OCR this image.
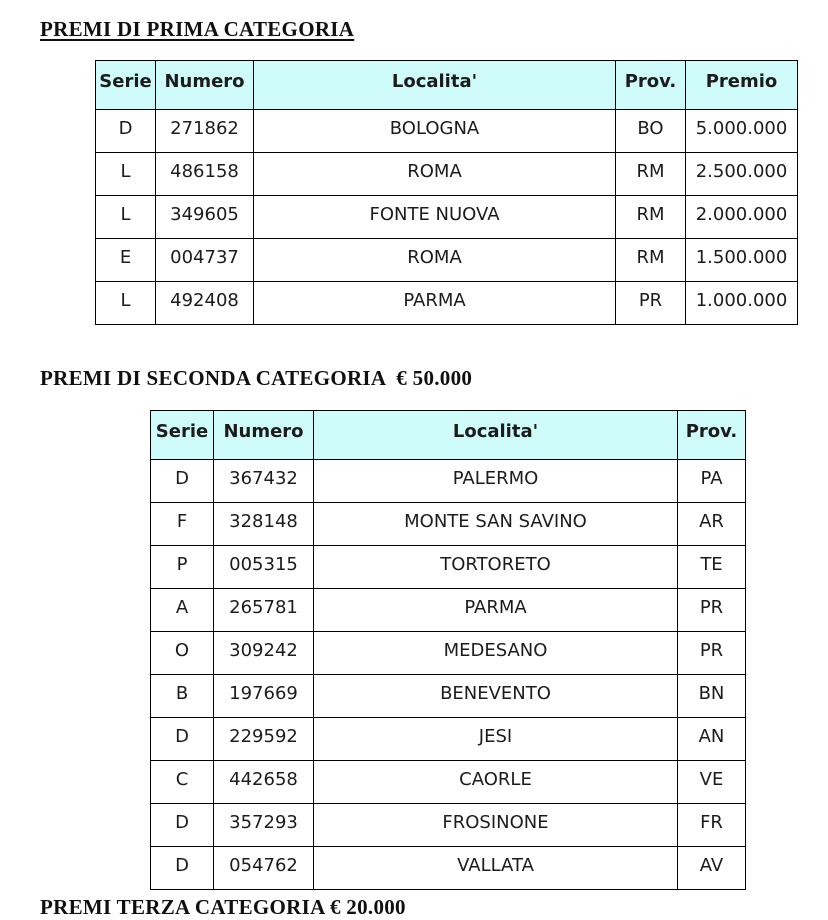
PREMI DI PRIMA CATEGORIA
Serie	Numero	Localita'	Prov.	Premio
D	271862	BOLOGNA	BO	5.000.000
L	486158	ROMA	RM	2.500.000
L	349605	FONTE NUOVA	RM	2.000.000
E	004737	ROMA	RM	1.500.000
L	492408	PARMA	PR	1.000.000
PREMI DI SECONDA CATEGORIA  € 50.000
Serie	Numero	Localita'	Prov.
D	367432	PALERMO	PA
F	328148	MONTE SAN SAVINO	AR
P	005315	TORTORETO	TE
A	265781	PARMA	PR
O	309242	MEDESANO	PR
B	197669	BENEVENTO	BN
D	229592	JESI	AN
C	442658	CAORLE	VE
D	357293	FROSINONE	FR
D	054762	VALLATA	AV
PREMI TERZA CATEGORIA € 20.000
